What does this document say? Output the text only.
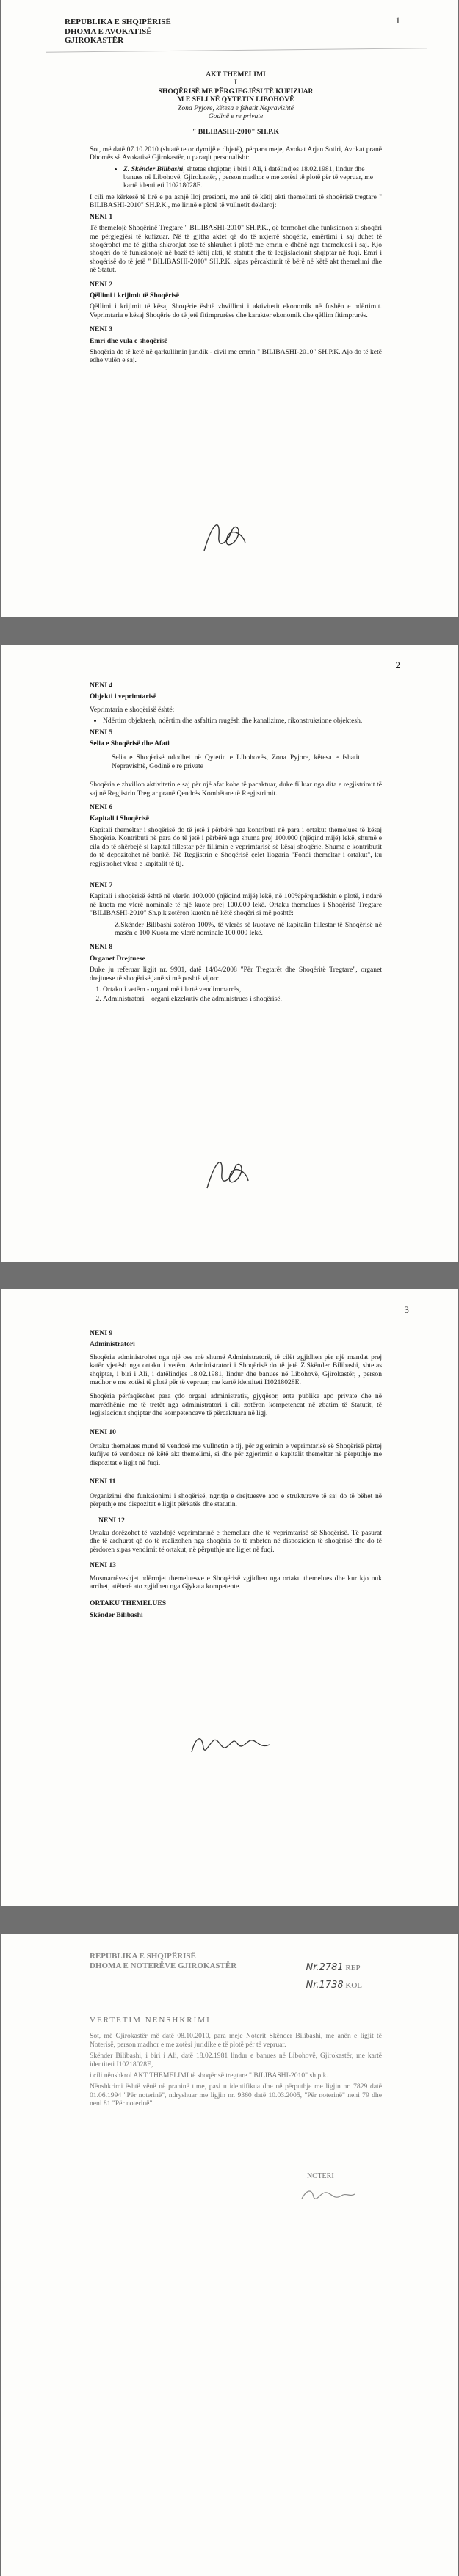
1
REPUBLIKA E SHQIPËRISË
DHOMA E AVOKATISË
GJIROKASTËR
AKT THEMELIMI
I
SHOQËRISË ME PËRGJEGJËSI TË KUFIZUAR
M E SELI NË QYTETIN LIBOHOVË
Zona Pyjore, këtesa e fshatit Nepravishtë
Godinë e re private
" BILIBASHI-2010" SH.P.K

Sot, më datë 07.10.2010 (shtatë tetor dymijë e dhjetë), përpara meje, Avokat Arjan Sotiri, Avokat pranë Dhomës së Avokatisë Gjirokastër, u paraqit personalisht:

• Z. Skënder Bilibashi, shtetas shqiptar, i biri i Ali, i datëlindjes 18.02.1981, lindur dhe banues në Libohovë, Gjirokastër, , person madhor e me zotësi të plotë për të vepruar, me kartë identiteti I10218028E.

I cili me kërkesë të lirë e pa asnjë lloj presioni, me anë të këtij akti themelimi të shoqërisë tregtare " BILIBASHI-2010" SH.P.K., me lirinë e plotë të vullnetit deklaroj:

NENI 1

Të themelojë Shoqërinë Tregtare " BILIBASHI-2010" SH.P.K., që formohet dhe funksionon si shoqëri me përgjegjësi të kufizuar. Në të gjitha aktet që do të nxjerrë shoqëria, emërtimi i saj duhet të shoqërohet me të gjitha shkronjat ose të shkruhet i plotë me emrin e dhënë nga themeluesi i saj. Kjo shoqëri do të funksionojë në bazë të këtij akti, të statutit dhe të legjislacionit shqiptar në fuqi. Emri i shoqërisë do të jetë " BILIBASHI-2010" SH.P.K. sipas përcaktimit të bërë në këtë akt themelimi dhe në Statut.

NENI 2

Qëllimi i krijimit të Shoqërisë

Qëllimi i krijimit të kësaj Shoqërie është zhvillimi i aktivitetit ekonomik në fushën e ndërtimit. Veprimtaria e kësaj Shoqërie do të jetë fitimprurëse dhe karakter ekonomik dhe qëllim fitimprurës.

NENI 3

Emri dhe vula e shoqërisë

Shoqëria do të ketë në qarkullimin juridik - civil me emrin " BILIBASHI-2010" SH.P.K. Ajo do të ketë edhe vulën e saj.

2

NENI 4

Objekti i veprimtarisë

Veprimtaria e shoqërisë është:

• Ndërtim objektesh, ndërtim dhe asfaltim rrugësh dhe kanalizime, rikonstruksione objektesh.

NENI 5

Selia e Shoqërisë dhe Afati

Selia e Shoqërisë ndodhet në Qytetin e Libohovës, Zona Pyjore, këtesa e fshatit Nepravishtë, Godinë e re private

Shoqëria e zhvillon aktivitetin e saj për një afat kohe të pacaktuar, duke filluar nga dita e regjistrimit të saj në Regjistrin Tregtar pranë Qendrës Kombëtare të Regjistrimit.

NENI 6

Kapitali i Shoqërisë

Kapitali themeltar i shoqërisë do të jetë i përbërë nga kontributi në para i ortakut themelues të kësaj Shoqërie. Kontributi në para do të jetë i përbërë nga shuma prej 100.000 (njëqind mijë) lekë, shumë e cila do të shërbejë si kapital fillestar për fillimin e veprimtarisë së kësaj shoqërie. Shuma e kontributit do të depozitohet në bankë. Në Regjistrin e Shoqërisë çelet llogaria "Fondi themeltar i ortakut", ku regjistrohet vlera e kapitalit të tij.

NENI 7

Kapitali i shoqërisë është në vlerën 100.000 (njëqind mijë) lekë, në 100%përqindëshin e plotë, i ndarë në kuota me vlerë nominale të një kuote prej 100.000 lekë. Ortaku themelues i Shoqërisë Tregtare "BILIBASHI-2010" Sh.p.k zotëron kuotën në këtë shoqëri si më poshtë:

Z.Skënder Bilibashi zotëron 100%, të vlerës së kuotave në kapitalin fillestar të Shoqërisë në masën e 100 Kuota me vlerë nominale 100.000 lekë.

NENI 8

Organet Drejtuese

Duke ju referuar ligjit nr. 9901, datë 14/04/2008 "Për Tregtarët dhe Shoqëritë Tregtare", organet drejtuese të shoqërisë janë si më poshtë vijon:

1. Ortaku i vetëm - organi më i lartë vendimmarrës,
2. Administratori – organi ekzekutiv dhe administrues i shoqërisë.
3

NENI 9

Administratori

Shoqëria administrohet nga një ose më shumë Administratorë, të cilët zgjidhen për një mandat prej katër vjetësh nga ortaku i vetëm. Administratori i Shoqërisë do të jetë Z.Skënder Bilibashi, shtetas shqiptar, i biri i Ali, i datëlindjes 18.02.1981, lindur dhe banues në Libohovë, Gjirokastër, , person madhor e me zotësi të plotë për të vepruar, me kartë identiteti I10218028E.

Shoqëria përfaqësohet para çdo organi administrativ, gjyqësor, ente publike apo private dhe në marrëdhënie me të tretët nga administratori i cili zotëron kompetencat në zbatim të Statutit, të legjislacionit shqiptar dhe kompetencave të përcaktuara në ligj.

NENI 10

Ortaku themelues mund të vendosë me vullnetin e tij, për zgjerimin e veprimtarisë së Shoqërisë përtej kufijve të vendosur në këtë akt themelimi, si dhe për zgjerimin e kapitalit themeltar në përputhje me dispozitat e ligjit në fuqi.

NENI 11

Organizimi dhe funksionimi i shoqërisë, ngritja e drejtuesve apo e strukturave të saj do të bëhet në përputhje me dispozitat e ligjit përkatës dhe statutin.

NENI 12

Ortaku dorëzohet të vazhdojë veprimtarinë e themeluar dhe të veprimtarisë së Shoqërisë. Të pasurat dhe të ardhurat që do të realizohen nga shoqëria do të mbeten në dispozicion të shoqërisë dhe do të përdoren sipas vendimit të ortakut, në përputhje me ligjet në fuqi.

NENI 13

Mosmarrëveshjet ndërmjet themeluesve e Shoqërisë zgjidhen nga ortaku themelues dhe kur kjo nuk arrihet, atëherë ato zgjidhen nga Gjykata kompetente.

ORTAKU THEMELUES

Skënder Bilibashi

REPUBLIKA E SHQIPËRISË
DHOMA E NOTERËVE GJIROKASTËR	Nr.2781 REP
Nr.1738 KOL

VERTETIM NENSHKRIMI

Sot, më Gjirokastër më datë 08.10.2010, para meje Noterit Skënder Bilibashi, me anën e ligjit të Noterisë, person madhor e me zotësi juridike e të plotë për të vepruar.

Skënder Bilibashi, i biri i Ali, datë 18.02.1981 lindur e banues në Libohovë, Gjirokastër, me kartë identiteti I10218028E,

i cili nënshkroi AKT THEMELIMI të shoqërisë tregtare " BILIBASHI-2010" sh.p.k.

Nënshkrimi është vënë në praninë time, pasi u identifikua dhe në përputhje me ligjin nr. 7829 datë 01.06.1994 "Për noterinë", ndryshuar me ligjin nr. 9360 datë 10.03.2005, "Për noterinë" neni 79 dhe neni 81 "Për noterinë".

NOTERI
